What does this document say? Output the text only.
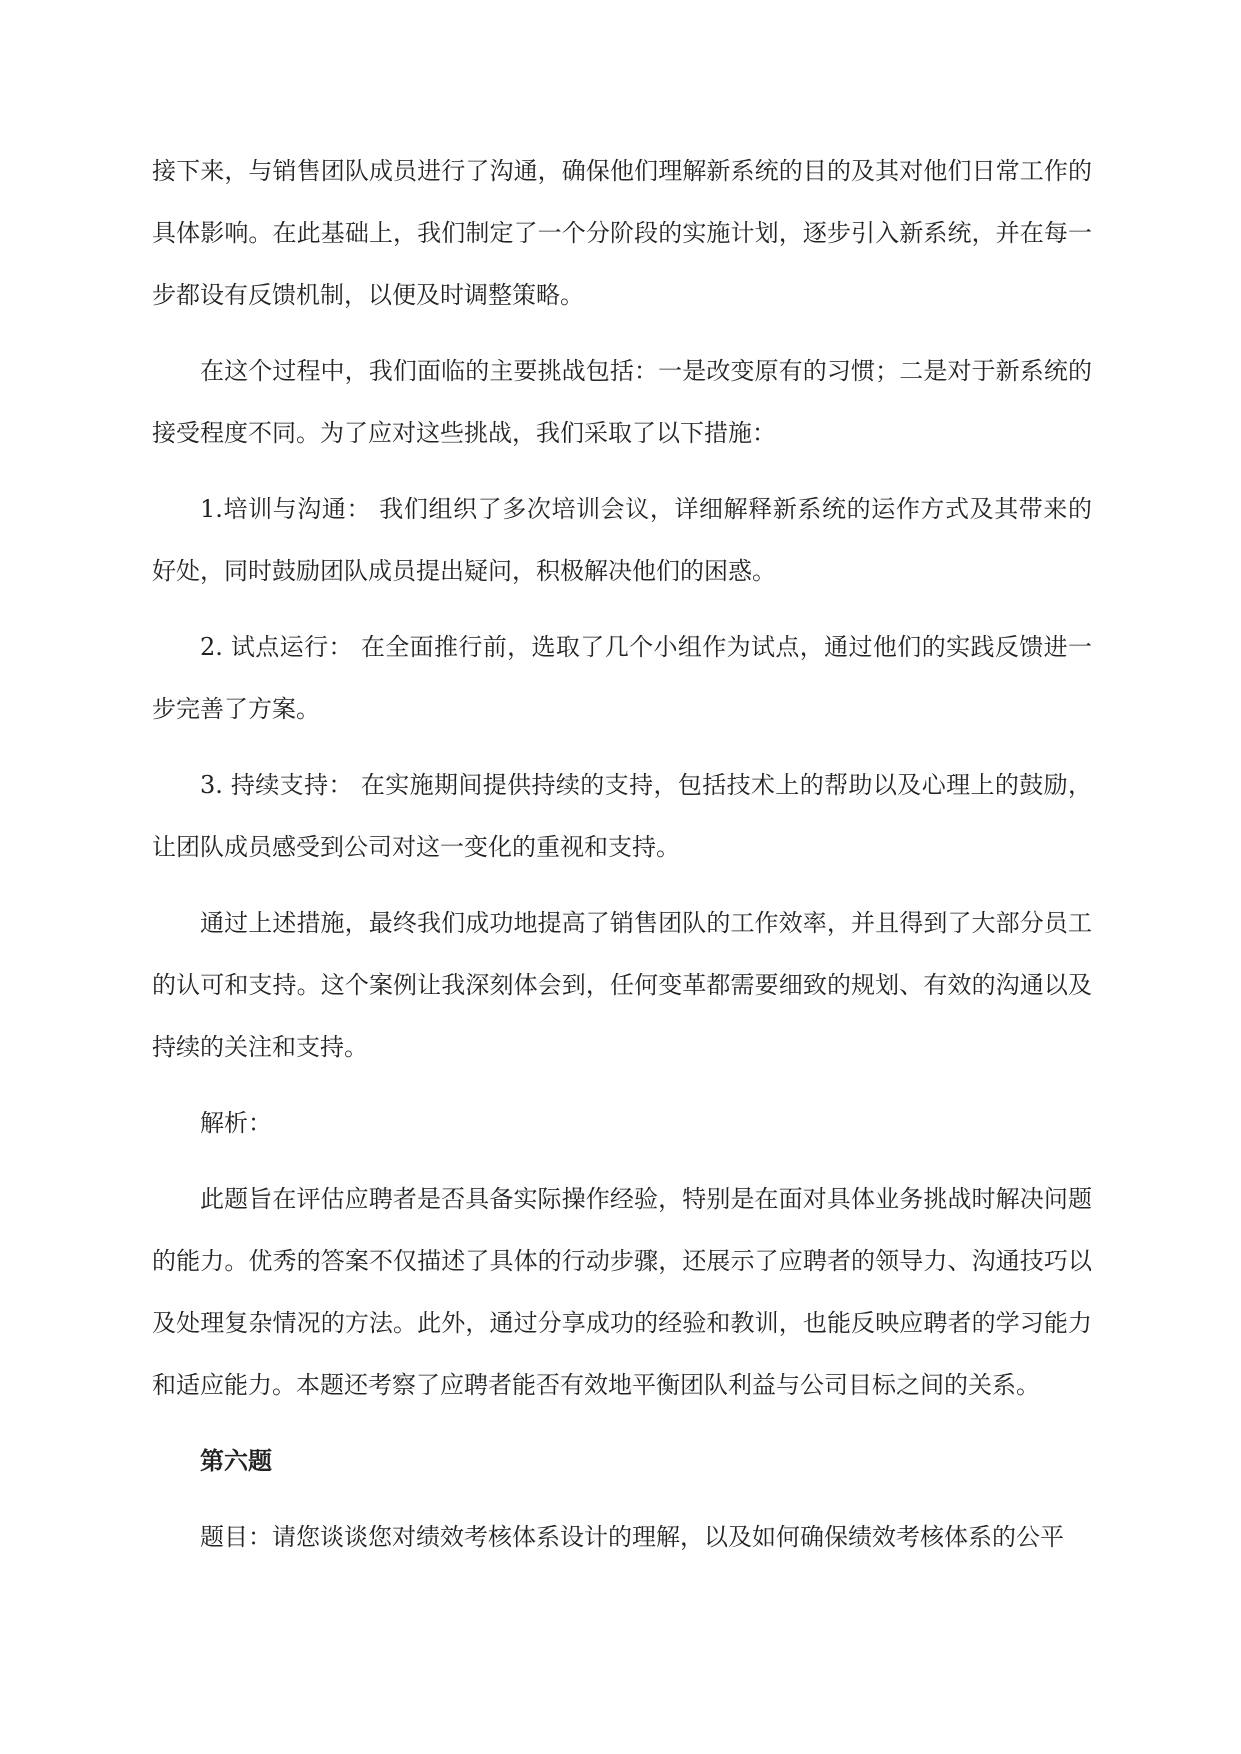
接下来，与销售团队成员进行了沟通，确保他们理解新系统的目的及其对他们日常工作的具体影响。在此基础上，我们制定了一个分阶段的实施计划，逐步引入新系统，并在每一步都设有反馈机制，以便及时调整策略。

在这个过程中，我们面临的主要挑战包括：一是改变原有的习惯；二是对于新系统的接受程度不同。为了应对这些挑战，我们采取了以下措施：

1.培训与沟通： 我们组织了多次培训会议，详细解释新系统的运作方式及其带来的好处，同时鼓励团队成员提出疑问，积极解决他们的困惑。

2. 试点运行： 在全面推行前，选取了几个小组作为试点，通过他们的实践反馈进一步完善了方案。

3. 持续支持： 在实施期间提供持续的支持，包括技术上的帮助以及心理上的鼓励，让团队成员感受到公司对这一变化的重视和支持。

通过上述措施，最终我们成功地提高了销售团队的工作效率，并且得到了大部分员工的认可和支持。这个案例让我深刻体会到，任何变革都需要细致的规划、有效的沟通以及持续的关注和支持。

解析：

此题旨在评估应聘者是否具备实际操作经验，特别是在面对具体业务挑战时解决问题的能力。优秀的答案不仅描述了具体的行动步骤，还展示了应聘者的领导力、沟通技巧以及处理复杂情况的方法。此外，通过分享成功的经验和教训，也能反映应聘者的学习能力和适应能力。本题还考察了应聘者能否有效地平衡团队利益与公司目标之间的关系。

第六题

题目：请您谈谈您对绩效考核体系设计的理解，以及如何确保绩效考核体系的公平
